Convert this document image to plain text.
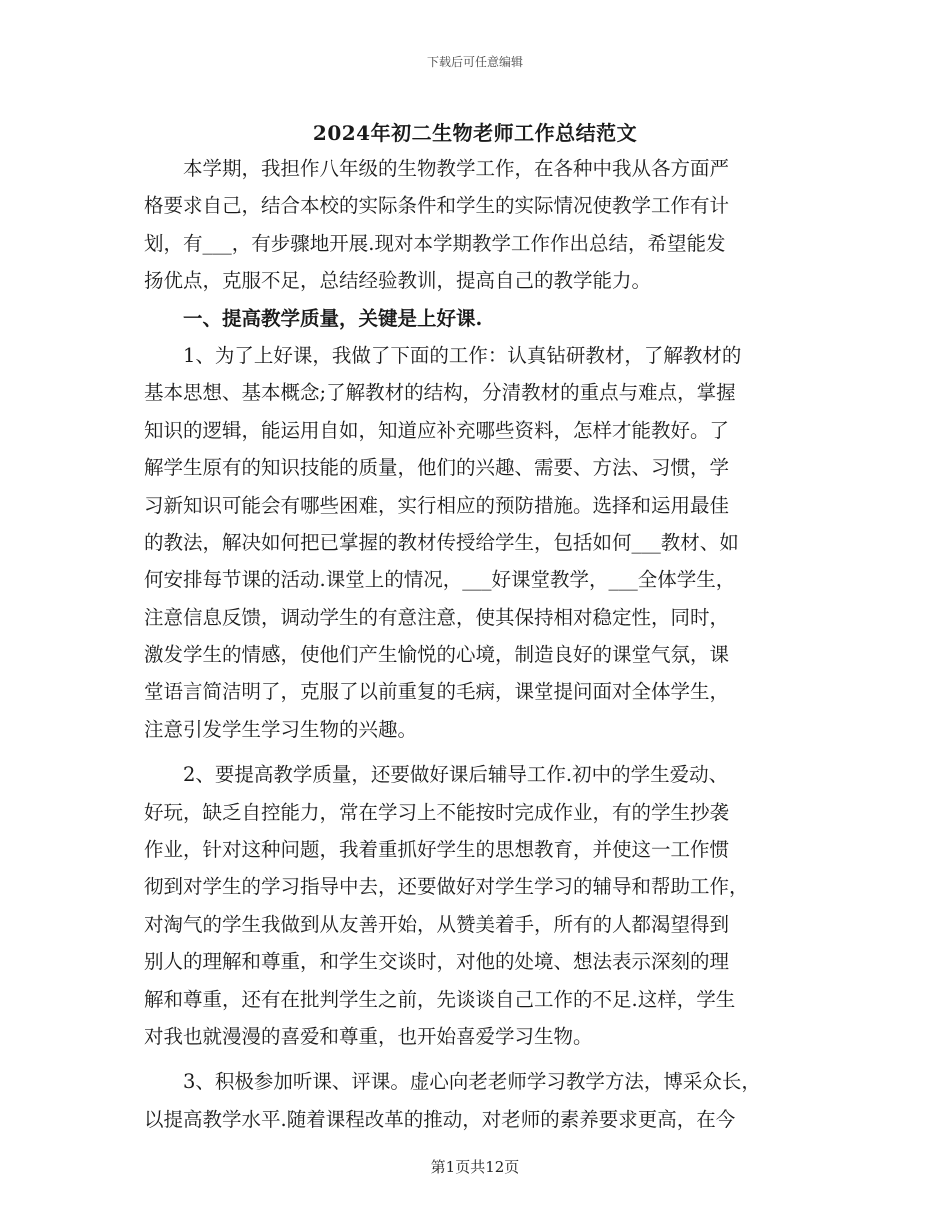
下载后可任意编辑
2024年初二生物老师工作总结范文
　　本学期，我担作八年级的生物教学工作，在各种中我从各方面严
格要求自己，结合本校的实际条件和学生的实际情况使教学工作有计
划，有___，有步骤地开展.现对本学期教学工作作出总结，希望能发
扬优点，克服不足，总结经验教训，提高自己的教学能力。
　　一、提高教学质量，关键是上好课.
　　1、为了上好课，我做了下面的工作：认真钻研教材，了解教材的
基本思想、基本概念;了解教材的结构，分清教材的重点与难点，掌握
知识的逻辑，能运用自如，知道应补充哪些资料，怎样才能教好。了
解学生原有的知识技能的质量，他们的兴趣、需要、方法、习惯，学
习新知识可能会有哪些困难，实行相应的预防措施。选择和运用最佳
的教法，解决如何把已掌握的教材传授给学生，包括如何___教材、如
何安排每节课的活动.课堂上的情况，___好课堂教学，___全体学生，
注意信息反馈，调动学生的有意注意，使其保持相对稳定性，同时，
激发学生的情感，使他们产生愉悦的心境，制造良好的课堂气氛，课
堂语言简洁明了，克服了以前重复的毛病，课堂提问面对全体学生，
注意引发学生学习生物的兴趣。
　　2、要提高教学质量，还要做好课后辅导工作.初中的学生爱动、
好玩，缺乏自控能力，常在学习上不能按时完成作业，有的学生抄袭
作业，针对这种问题，我着重抓好学生的思想教育，并使这一工作惯
彻到对学生的学习指导中去，还要做好对学生学习的辅导和帮助工作，
对淘气的学生我做到从友善开始，从赞美着手，所有的人都渴望得到
别人的理解和尊重，和学生交谈时，对他的处境、想法表示深刻的理
解和尊重，还有在批判学生之前，先谈谈自己工作的不足.这样，学生
对我也就漫漫的喜爱和尊重，也开始喜爱学习生物。
　　3、积极参加听课、评课。虚心向老老师学习教学方法，博采众长，
以提高教学水平.随着课程改革的推动，对老师的素养要求更高，在今
第1页共12页
